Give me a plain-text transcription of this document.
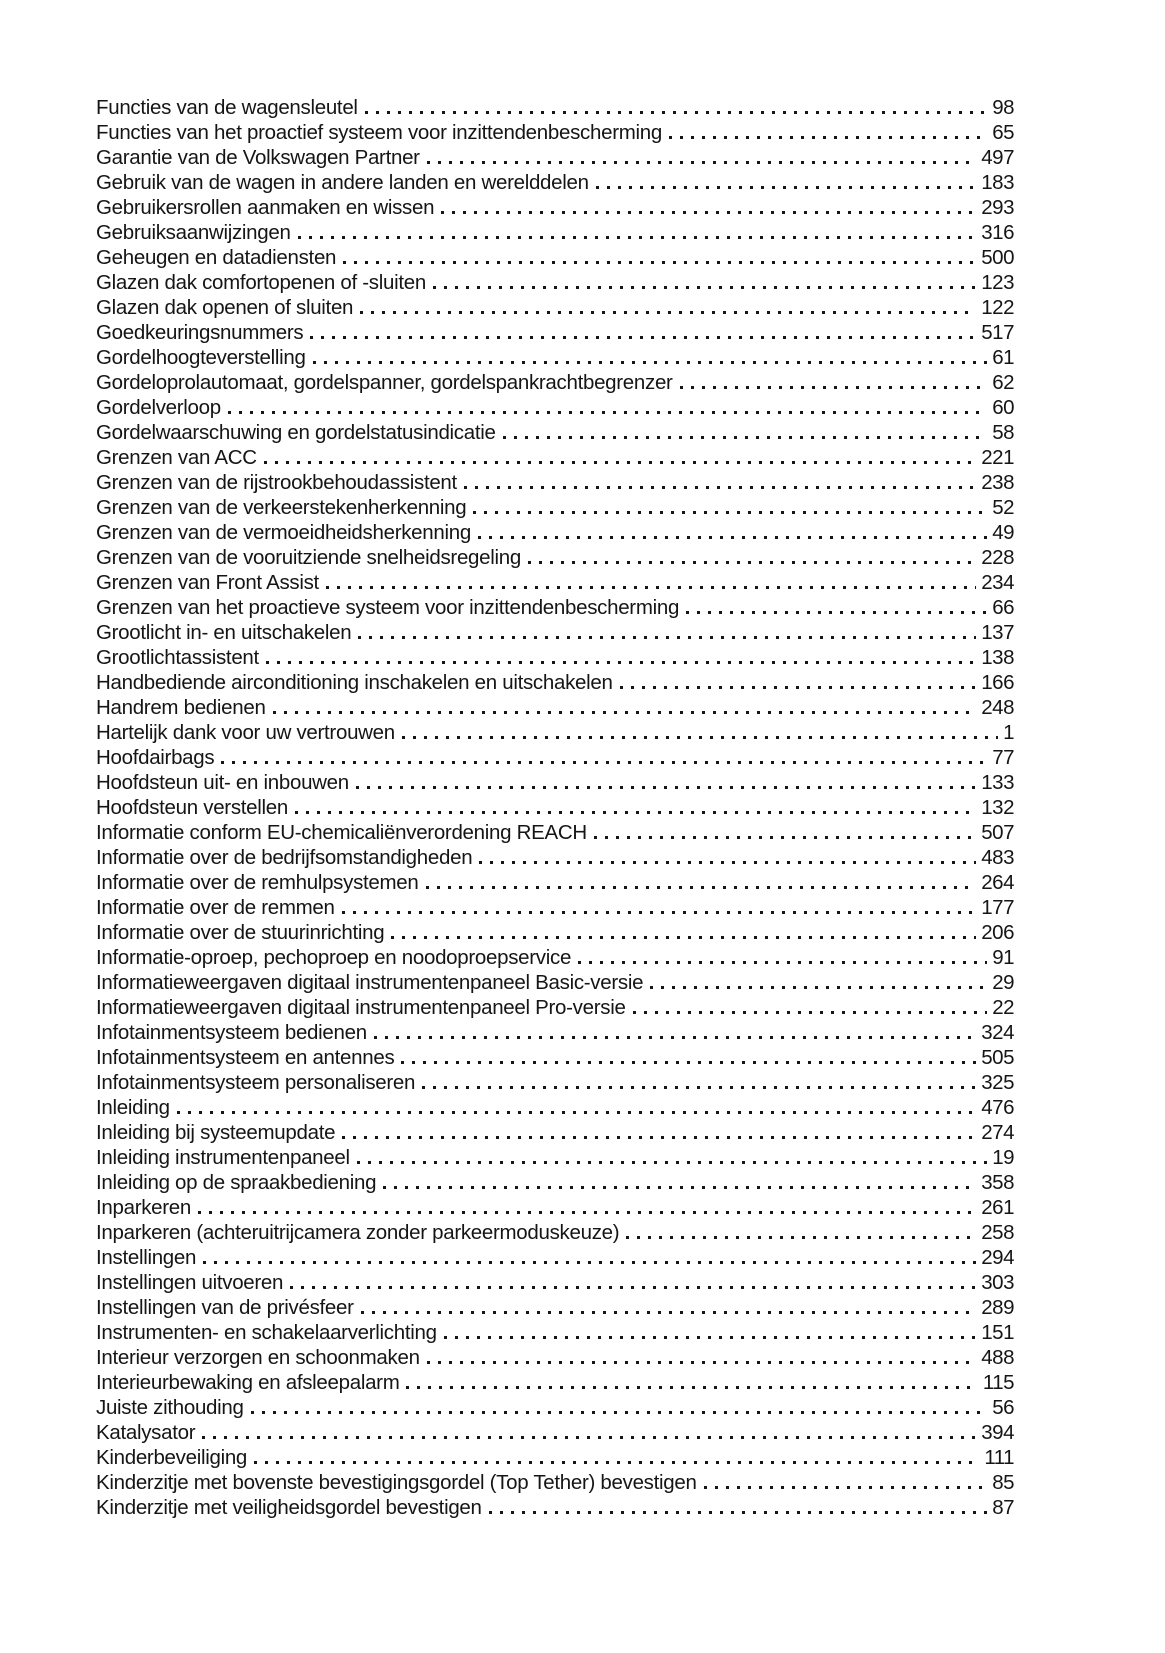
Functies van de wagensleutel	98
Functies van het proactief systeem voor inzittendenbescherming	65
Garantie van de Volkswagen Partner	497
Gebruik van de wagen in andere landen en werelddelen	183
Gebruikersrollen aanmaken en wissen	293
Gebruiksaanwijzingen	316
Geheugen en datadiensten	500
Glazen dak comfortopenen of -sluiten	123
Glazen dak openen of sluiten	122
Goedkeuringsnummers	517
Gordelhoogteverstelling	61
Gordeloprolautomaat, gordelspanner, gordelspankrachtbegrenzer	62
Gordelverloop	60
Gordelwaarschuwing en gordelstatusindicatie	58
Grenzen van ACC	221
Grenzen van de rijstrookbehoudassistent	238
Grenzen van de verkeerstekenherkenning	52
Grenzen van de vermoeidheidsherkenning	49
Grenzen van de vooruitziende snelheidsregeling	228
Grenzen van Front Assist	234
Grenzen van het proactieve systeem voor inzittendenbescherming	66
Grootlicht in- en uitschakelen	137
Grootlichtassistent	138
Handbediende airconditioning inschakelen en uitschakelen	166
Handrem bedienen	248
Hartelijk dank voor uw vertrouwen	1
Hoofdairbags	77
Hoofdsteun uit- en inbouwen	133
Hoofdsteun verstellen	132
Informatie conform EU-chemicaliënverordening REACH	507
Informatie over de bedrijfsomstandigheden	483
Informatie over de remhulpsystemen	264
Informatie over de remmen	177
Informatie over de stuurinrichting	206
Informatie-oproep, pechoproep en noodoproepservice	91
Informatieweergaven digitaal instrumentenpaneel Basic-versie	29
Informatieweergaven digitaal instrumentenpaneel Pro-versie	22
Infotainmentsysteem bedienen	324
Infotainmentsysteem en antennes	505
Infotainmentsysteem personaliseren	325
Inleiding	476
Inleiding bij systeemupdate	274
Inleiding instrumentenpaneel	19
Inleiding op de spraakbediening	358
Inparkeren	261
Inparkeren (achteruitrijcamera zonder parkeermoduskeuze)	258
Instellingen	294
Instellingen uitvoeren	303
Instellingen van de privésfeer	289
Instrumenten- en schakelaarverlichting	151
Interieur verzorgen en schoonmaken	488
Interieurbewaking en afsleepalarm	115
Juiste zithouding	56
Katalysator	394
Kinderbeveiliging	111
Kinderzitje met bovenste bevestigingsgordel (Top Tether) bevestigen	85
Kinderzitje met veiligheidsgordel bevestigen	87
